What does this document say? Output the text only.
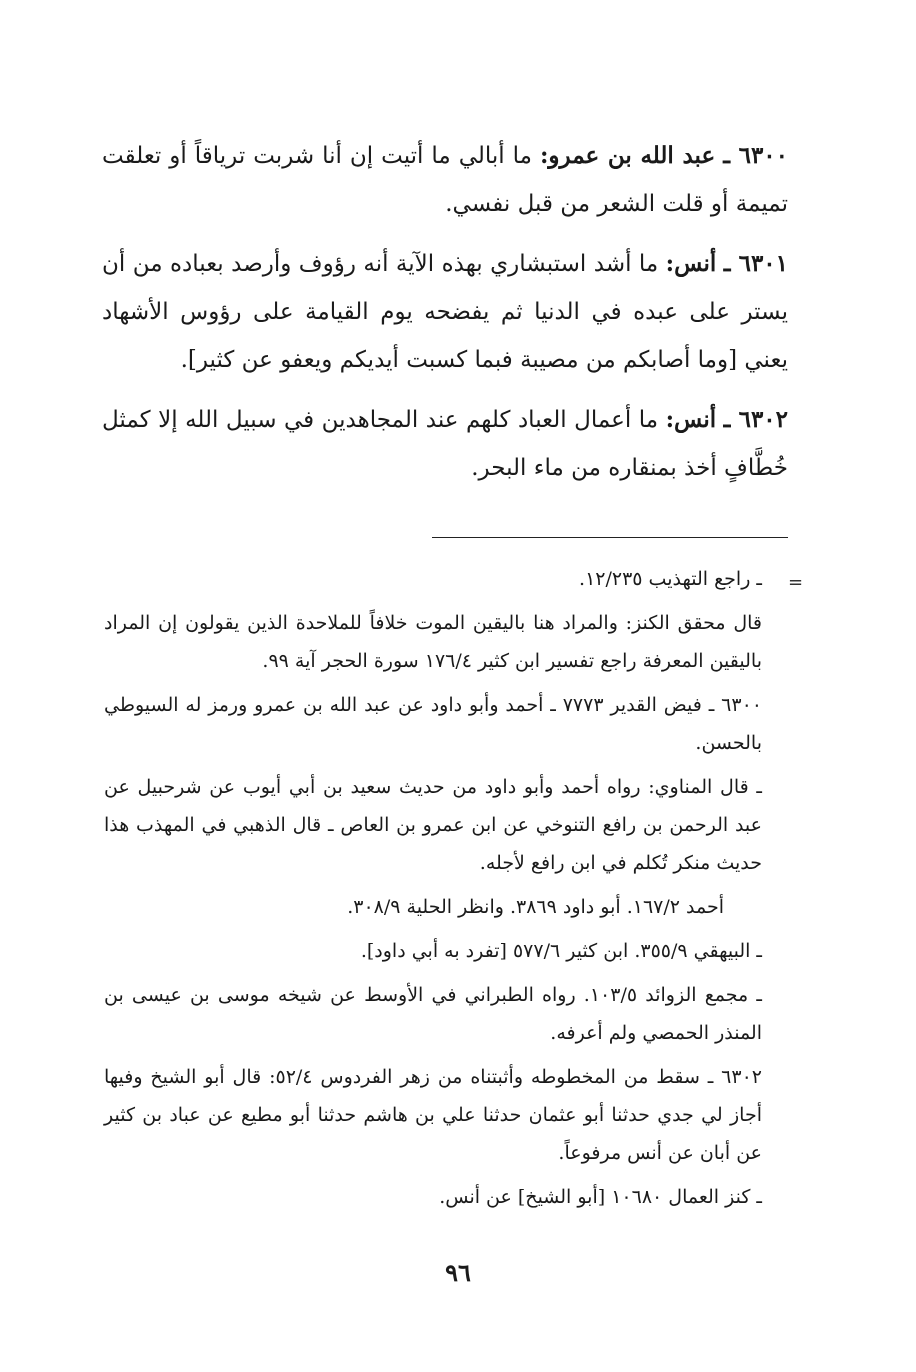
٦٣٠٠ ـ عبد الله بن عمرو: ما أبالي ما أتيت إن أنا شربت ترياقاً أو تعلقت تميمة أو قلت الشعر من قبل نفسي.

٦٣٠١ ـ أنس: ما أشد استبشاري بهذه الآية أنه رؤوف وأرصد بعباده من أن يستر على عبده في الدنيا ثم يفضحه يوم القيامة على رؤوس الأشهاد يعني [وما أصابكم من مصيبة فبما كسبت أيديكم ويعفو عن كثير].

٦٣٠٢ ـ أنس: ما أعمال العباد كلهم عند المجاهدين في سبيل الله إلا كمثل خُطَّافٍ أخذ بمنقاره من ماء البحر.

=

ـ راجع التهذيب ١٢/٢٣٥.

قال محقق الكنز: والمراد هنا باليقين الموت خلافاً للملاحدة الذين يقولون إن المراد باليقين المعرفة راجع تفسير ابن كثير ١٧٦/٤ سورة الحجر آية ٩٩.

٦٣٠٠ ـ فيض القدير ٧٧٧٣ ـ أحمد وأبو داود عن عبد الله بن عمرو ورمز له السيوطي بالحسن.

ـ قال المناوي: رواه أحمد وأبو داود من حديث سعيد بن أبي أيوب عن شرحبيل عن عبد الرحمن بن رافع التنوخي عن ابن عمرو بن العاص ـ قال الذهبي في المهذب هذا حديث منكر تُكلم في ابن رافع لأجله.

أحمد ١٦٧/٢. أبو داود ٣٨٦٩. وانظر الحلية ٣٠٨/٩.

ـ البيهقي ٣٥٥/٩. ابن كثير ٥٧٧/٦ [تفرد به أبي داود].

ـ مجمع الزوائد ١٠٣/٥. رواه الطبراني في الأوسط عن شيخه موسى بن عيسى بن المنذر الحمصي ولم أعرفه.

٦٣٠٢ ـ سقط من المخطوطه وأثبتناه من زهر الفردوس ٥٢/٤: قال أبو الشيخ وفيها أجاز لي جدي حدثنا أبو عثمان حدثنا علي بن هاشم حدثنا أبو مطيع عن عباد بن كثير عن أبان عن أنس مرفوعاً.

ـ كنز العمال ١٠٦٨٠ [أبو الشيخ] عن أنس.

٩٦
